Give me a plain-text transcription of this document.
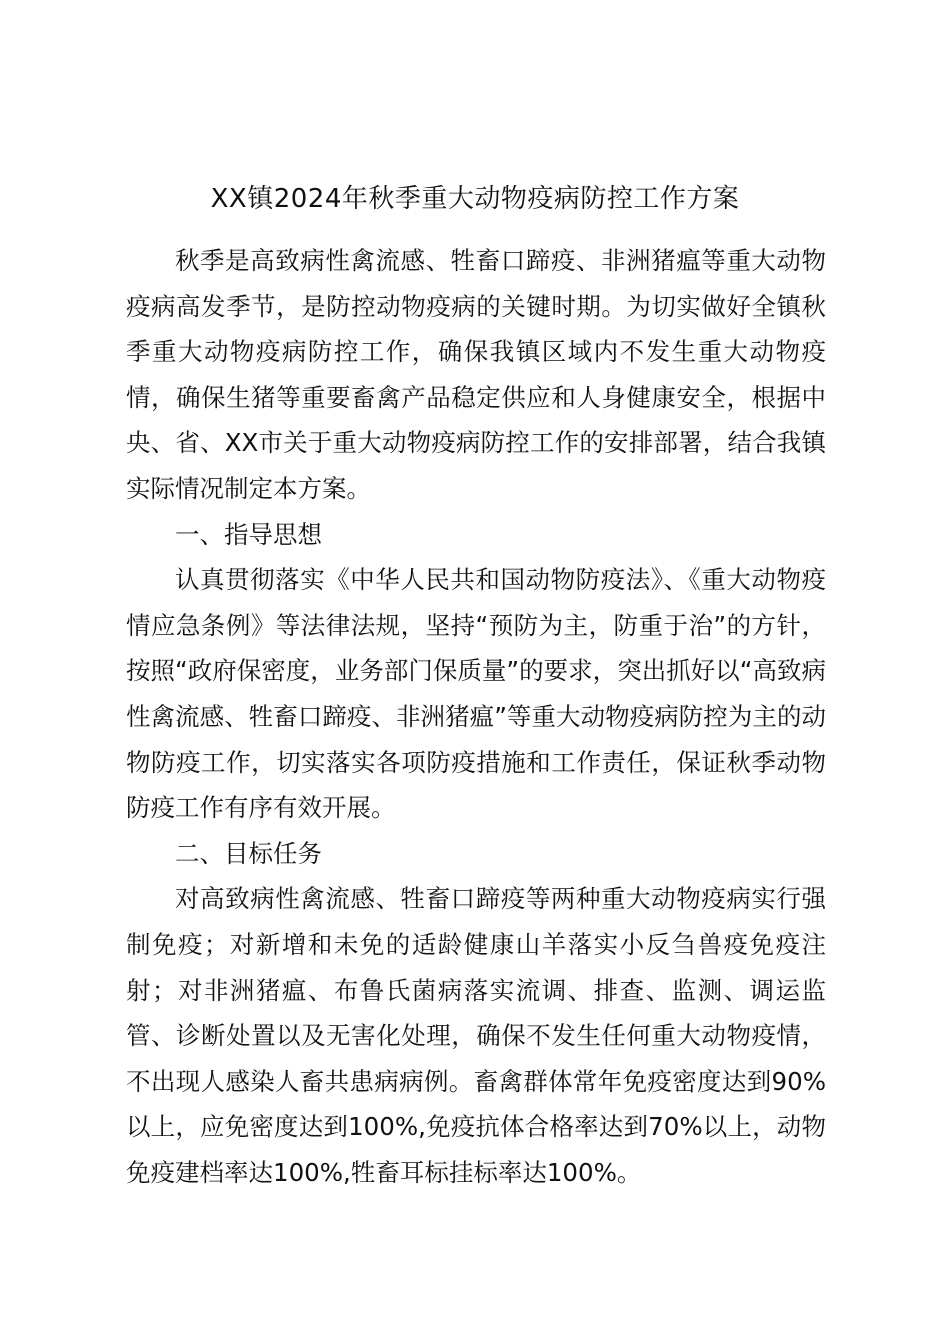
XX镇2024年秋季重大动物疫病防控工作方案

秋季是高致病性禽流感、牲畜口蹄疫、非洲猪瘟等重大动物疫病高发季节，是防控动物疫病的关键时期。为切实做好全镇秋季重大动物疫病防控工作，确保我镇区域内不发生重大动物疫情，确保生猪等重要畜禽产品稳定供应和人身健康安全，根据中央、省、XX市关于重大动物疫病防控工作的安排部署，结合我镇实际情况制定本方案。

一、指导思想

认真贯彻落实《中华人民共和国动物防疫法》、《重大动物疫情应急条例》等法律法规，坚持“预防为主，防重于治”的方针，按照“政府保密度，业务部门保质量”的要求，突出抓好以“高致病性禽流感、牲畜口蹄疫、非洲猪瘟”等重大动物疫病防控为主的动物防疫工作，切实落实各项防疫措施和工作责任，保证秋季动物防疫工作有序有效开展。

二、目标任务

对高致病性禽流感、牲畜口蹄疫等两种重大动物疫病实行强制免疫；对新增和未免的适龄健康山羊落实小反刍兽疫免疫注射；对非洲猪瘟、布鲁氏菌病落实流调、排查、监测、调运监管、诊断处置以及无害化处理，确保不发生任何重大动物疫情，不出现人感染人畜共患病病例。畜禽群体常年免疫密度达到90%以上，应免密度达到100%,免疫抗体合格率达到70%以上，动物免疫建档率达100%,牲畜耳标挂标率达100%。
